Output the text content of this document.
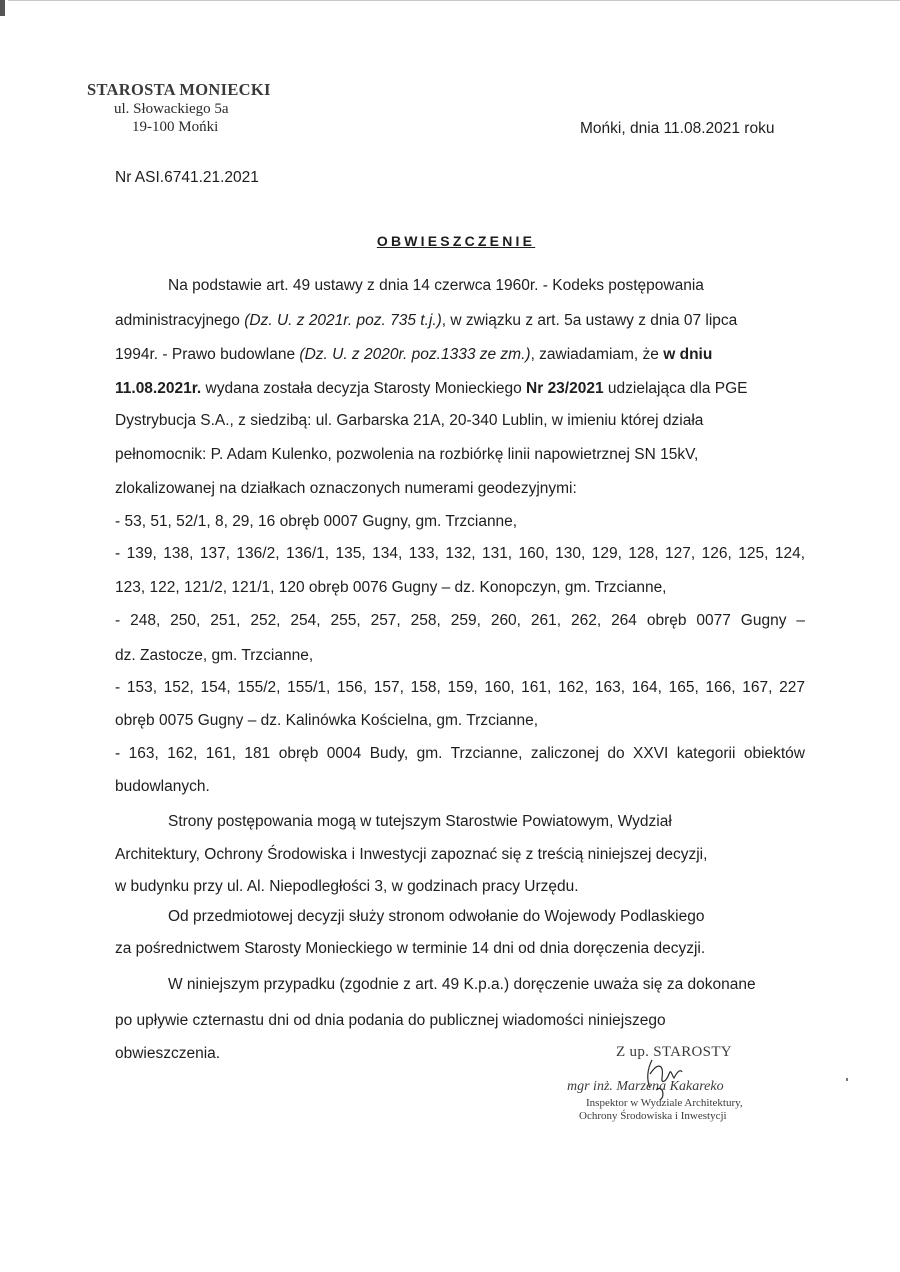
STAROSTA MONIECKI
ul. Słowackiego 5a
19-100 Mońki	Mońki, dnia 11.08.2021 roku
Nr ASI.6741.21.2021
OBWIESZCZENIE
Na podstawie art. 49 ustawy z dnia 14 czerwca 1960r. - Kodeks postępowania
administracyjnego (Dz. U. z 2021r. poz. 735 t.j.), w związku z art. 5a ustawy z dnia 07 lipca
1994r. - Prawo budowlane (Dz. U. z 2020r. poz.1333 ze zm.), zawiadamiam, że w dniu
11.08.2021r. wydana została decyzja Starosty Monieckiego Nr 23/2021 udzielająca dla PGE
Dystrybucja S.A., z siedzibą: ul. Garbarska 21A, 20-340 Lublin, w imieniu której działa
pełnomocnik: P. Adam Kulenko, pozwolenia na rozbiórkę linii napowietrznej SN 15kV,
zlokalizowanej na działkach oznaczonych numerami geodezyjnymi:
- 53, 51, 52/1, 8, 29, 16 obręb 0007 Gugny, gm. Trzcianne,
- 139, 138, 137, 136/2, 136/1, 135, 134, 133, 132, 131, 160, 130, 129, 128, 127, 126, 125, 124,
123, 122, 121/2, 121/1, 120 obręb 0076 Gugny – dz. Konopczyn, gm. Trzcianne,
- 248, 250, 251, 252, 254, 255, 257, 258, 259, 260, 261, 262, 264 obręb 0077 Gugny –
dz. Zastocze, gm. Trzcianne,
- 153, 152, 154, 155/2, 155/1, 156, 157, 158, 159, 160, 161, 162, 163, 164, 165, 166, 167, 227
obręb 0075 Gugny – dz. Kalinówka Kościelna, gm. Trzcianne,
- 163, 162, 161, 181 obręb 0004 Budy, gm. Trzcianne, zaliczonej do XXVI kategorii obiektów
budowlanych.
Strony postępowania mogą w tutejszym Starostwie Powiatowym, Wydział
Architektury, Ochrony Środowiska i Inwestycji zapoznać się z treścią niniejszej decyzji,
w budynku przy ul. Al. Niepodległości 3, w godzinach pracy Urzędu.
Od przedmiotowej decyzji służy stronom odwołanie do Wojewody Podlaskiego
za pośrednictwem Starosty Monieckiego w terminie 14 dni od dnia doręczenia decyzji.
W niniejszym przypadku (zgodnie z art. 49 K.p.a.) doręczenie uważa się za dokonane
po upływie czternastu dni od dnia podania do publicznej wiadomości niniejszego
obwieszczenia.	Z up. STAROSTY
mgr inż. Marzena Kakareko
Inspektor w Wydziale Architektury,
Ochrony Środowiska i Inwestycji
